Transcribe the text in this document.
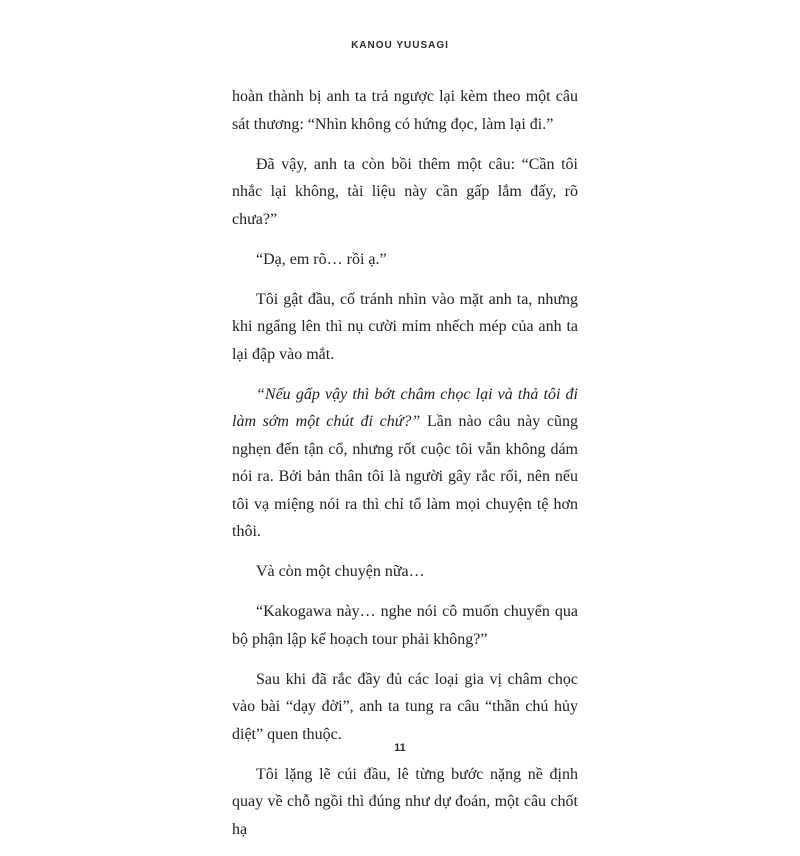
KANOU YUUSAGI

hoàn thành bị anh ta trả ngược lại kèm theo một câu sát thương: “Nhìn không có hứng đọc, làm lại đi.”

Đã vậy, anh ta còn bồi thêm một câu: “Cần tôi nhắc lại không, tài liệu này cần gấp lắm đấy, rõ chưa?”

“Dạ, em rõ… rồi ạ.”

Tôi gật đầu, cố tránh nhìn vào mặt anh ta, nhưng khi ngẩng lên thì nụ cười mỉm nhếch mép của anh ta lại đập vào mắt.

“Nếu gấp vậy thì bớt châm chọc lại và thả tôi đi làm sớm một chút đi chứ?” Lần nào câu này cũng nghẹn đến tận cổ, nhưng rốt cuộc tôi vẫn không dám nói ra. Bởi bản thân tôi là người gây rắc rối, nên nếu tôi vạ miệng nói ra thì chỉ tổ làm mọi chuyện tệ hơn thôi.

Và còn một chuyện nữa…

“Kakogawa này… nghe nói cô muốn chuyển qua bộ phận lập kế hoạch tour phải không?”

Sau khi đã rắc đầy đủ các loại gia vị châm chọc vào bài “dạy đời”, anh ta tung ra câu “thần chú hủy diệt” quen thuộc.

Tôi lặng lẽ cúi đầu, lê từng bước nặng nề định quay về chỗ ngồi thì đúng như dự đoán, một câu chốt hạ

11
